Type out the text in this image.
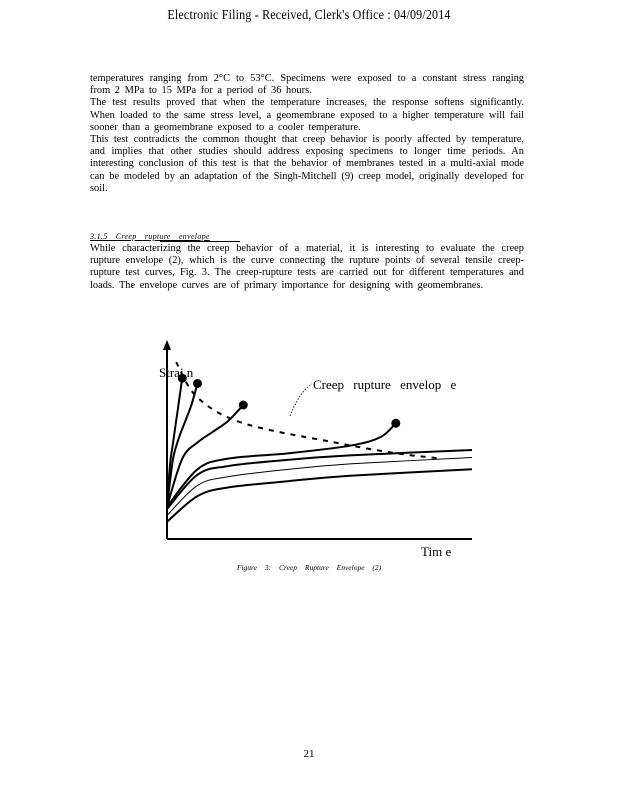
Electronic Filing - Received, Clerk's Office : 04/09/2014

temperatures ranging from 2°C to 53°C. Specimens were exposed to a constant stress ranging from 2 MPa to 15 MPa for a period of 36 hours.

The test results proved that when the temperature increases, the response softens significantly. When loaded to the same stress level, a geomembrane exposed to a higher temperature will fail sooner than a geomembrane exposed to a cooler temperature.

This test contradicts the common thought that creep behavior is poorly affected by temperature, and implies that other studies should address exposing specimens to longer time periods. An interesting conclusion of this test is that the behavior of membranes tested in a multi-axial mode can be modeled by an adaptation of the Singh-Mitchell (9) creep model, originally developed for soil.

3.1.5 Creep rupture envelope

While characterizing the creep behavior of a material, it is interesting to evaluate the creep rupture envelope (2), which is the curve connecting the rupture points of several tensile creep-rupture test curves, Fig. 3. The creep-rupture tests are carried out for different temperatures and loads. The envelope curves are of primary importance for designing with geomembranes.

Strai n
Tim e
Creep rupture envelop e
Figure 3: Creep Rupture Envelope (2)
21
